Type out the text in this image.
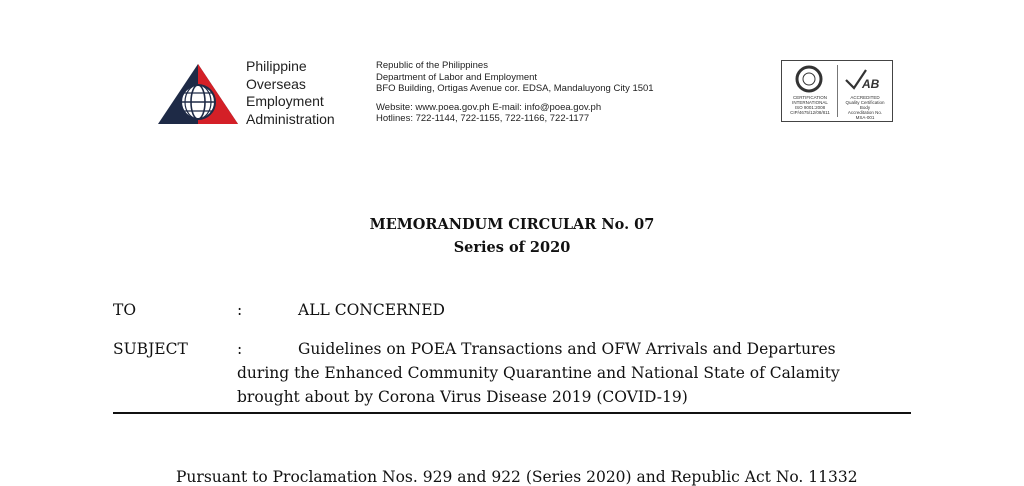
Philippine
Overseas
Employment
Administration
Republic of the Philippines
Department of Labor and Employment
BFO Building, Ortigas Avenue cor. EDSA, Mandaluyong City 1501
Website: www.poea.gov.ph E-mail: info@poea.gov.ph
Hotlines: 722-1144, 722-1155, 722-1166, 722-1177
AB
CERTIFICATION
INTERNATIONAL
ISO 9001:2008
CIP/4675/12/08/811
ACCREDITED
Quality Certification Body
Accreditation No.
MSA-001
MEMORANDUM CIRCULAR No. 07
Series of 2020
TO	:	ALL CONCERNED
SUBJECT	:	Guidelines on POEA Transactions and OFW Arrivals and Departures
during the Enhanced Community Quarantine and National State of Calamity
brought about by Corona Virus Disease 2019 (COVID-19)
Pursuant to Proclamation Nos. 929 and 922 (Series 2020) and Republic Act No. 11332
